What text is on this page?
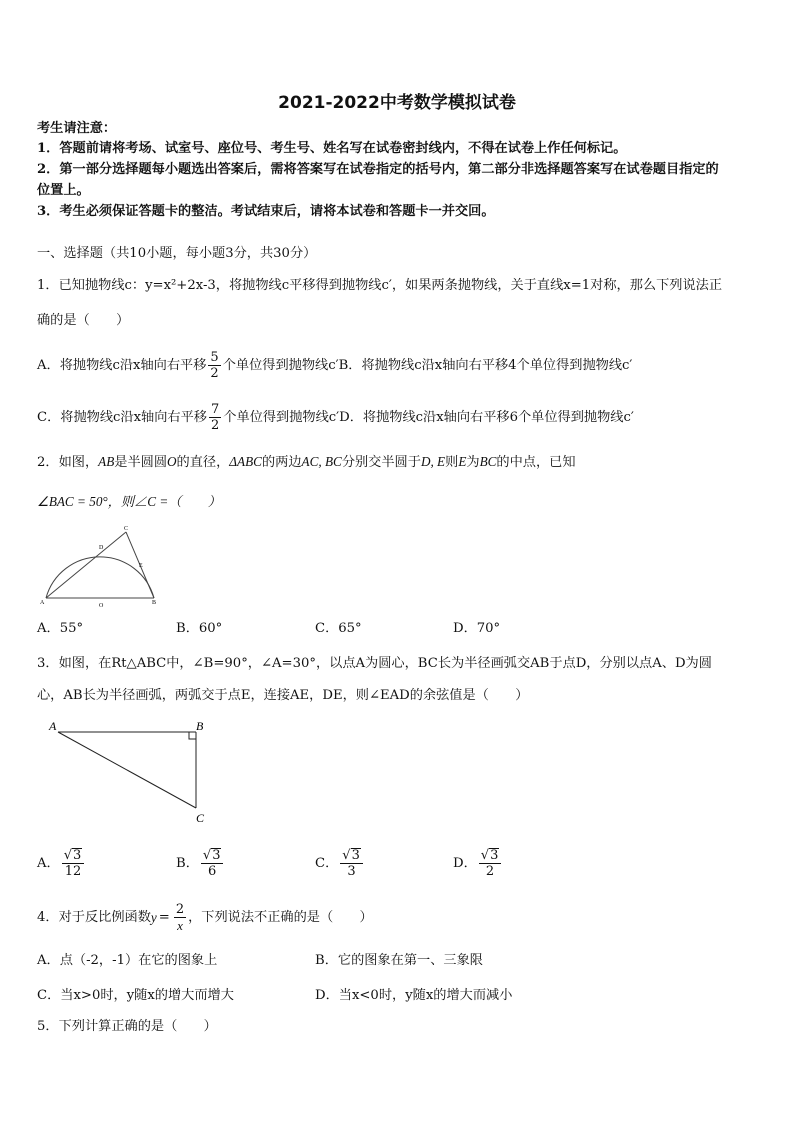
2021-2022中考数学模拟试卷
考生请注意：
1．答题前请将考场、试室号、座位号、考生号、姓名写在试卷密封线内，不得在试卷上作任何标记。
2．第一部分选择题每小题选出答案后，需将答案写在试卷指定的括号内，第二部分非选择题答案写在试卷题目指定的
位置上。
3．考生必须保证答题卡的整洁。考试结束后，请将本试卷和答题卡一并交回。
一、选择题（共10小题，每小题3分，共30分）
1．已知抛物线c：y=x²+2x-3，将抛物线c平移得到抛物线c′，如果两条抛物线，关于直线x=1对称，那么下列说法正
确的是（　　）
A．将抛物线c沿x轴向右平移 $\frac{5}{2}$ 个单位得到抛物线c′B．将抛物线c沿x轴向右平移4个单位得到抛物线c′
C．将抛物线c沿x轴向右平移 $\frac{7}{2}$ 个单位得到抛物线c′D．将抛物线c沿x轴向右平移6个单位得到抛物线c′
2．如图，AB是半圆圆O的直径，ΔABC的两边AC, BC分别交半圆于D, E则E为BC的中点，已知
∠BAC = 50°，则∠C =（　　）
A	B
C
D
E
O
A．55°	B．60°	C．65°	D．70°
3．如图，在Rt△ABC中，∠B=90°，∠A=30°，以点A为圆心，BC长为半径画弧交AB于点D，分别以点A、D为圆
心，AB长为半径画弧，两弧交于点E，连接AE，DE，则∠EAD的余弦值是（　　）
A	B
C
A． $\frac{√ 3}{12}$	B． $\frac{√ 3}{6}$	C． $\frac{√ 3}{3}$	D． $\frac{√ 3}{2}$
4．对于反比例函数 $y = \frac{2}{x}$ ，下列说法不正确的是（　　）
A．点（-2，-1）在它的图象上	B．它的图象在第一、三象限
C．当x>0时，y随x的增大而增大	D．当x<0时，y随x的增大而减小
5．下列计算正确的是（　　）
